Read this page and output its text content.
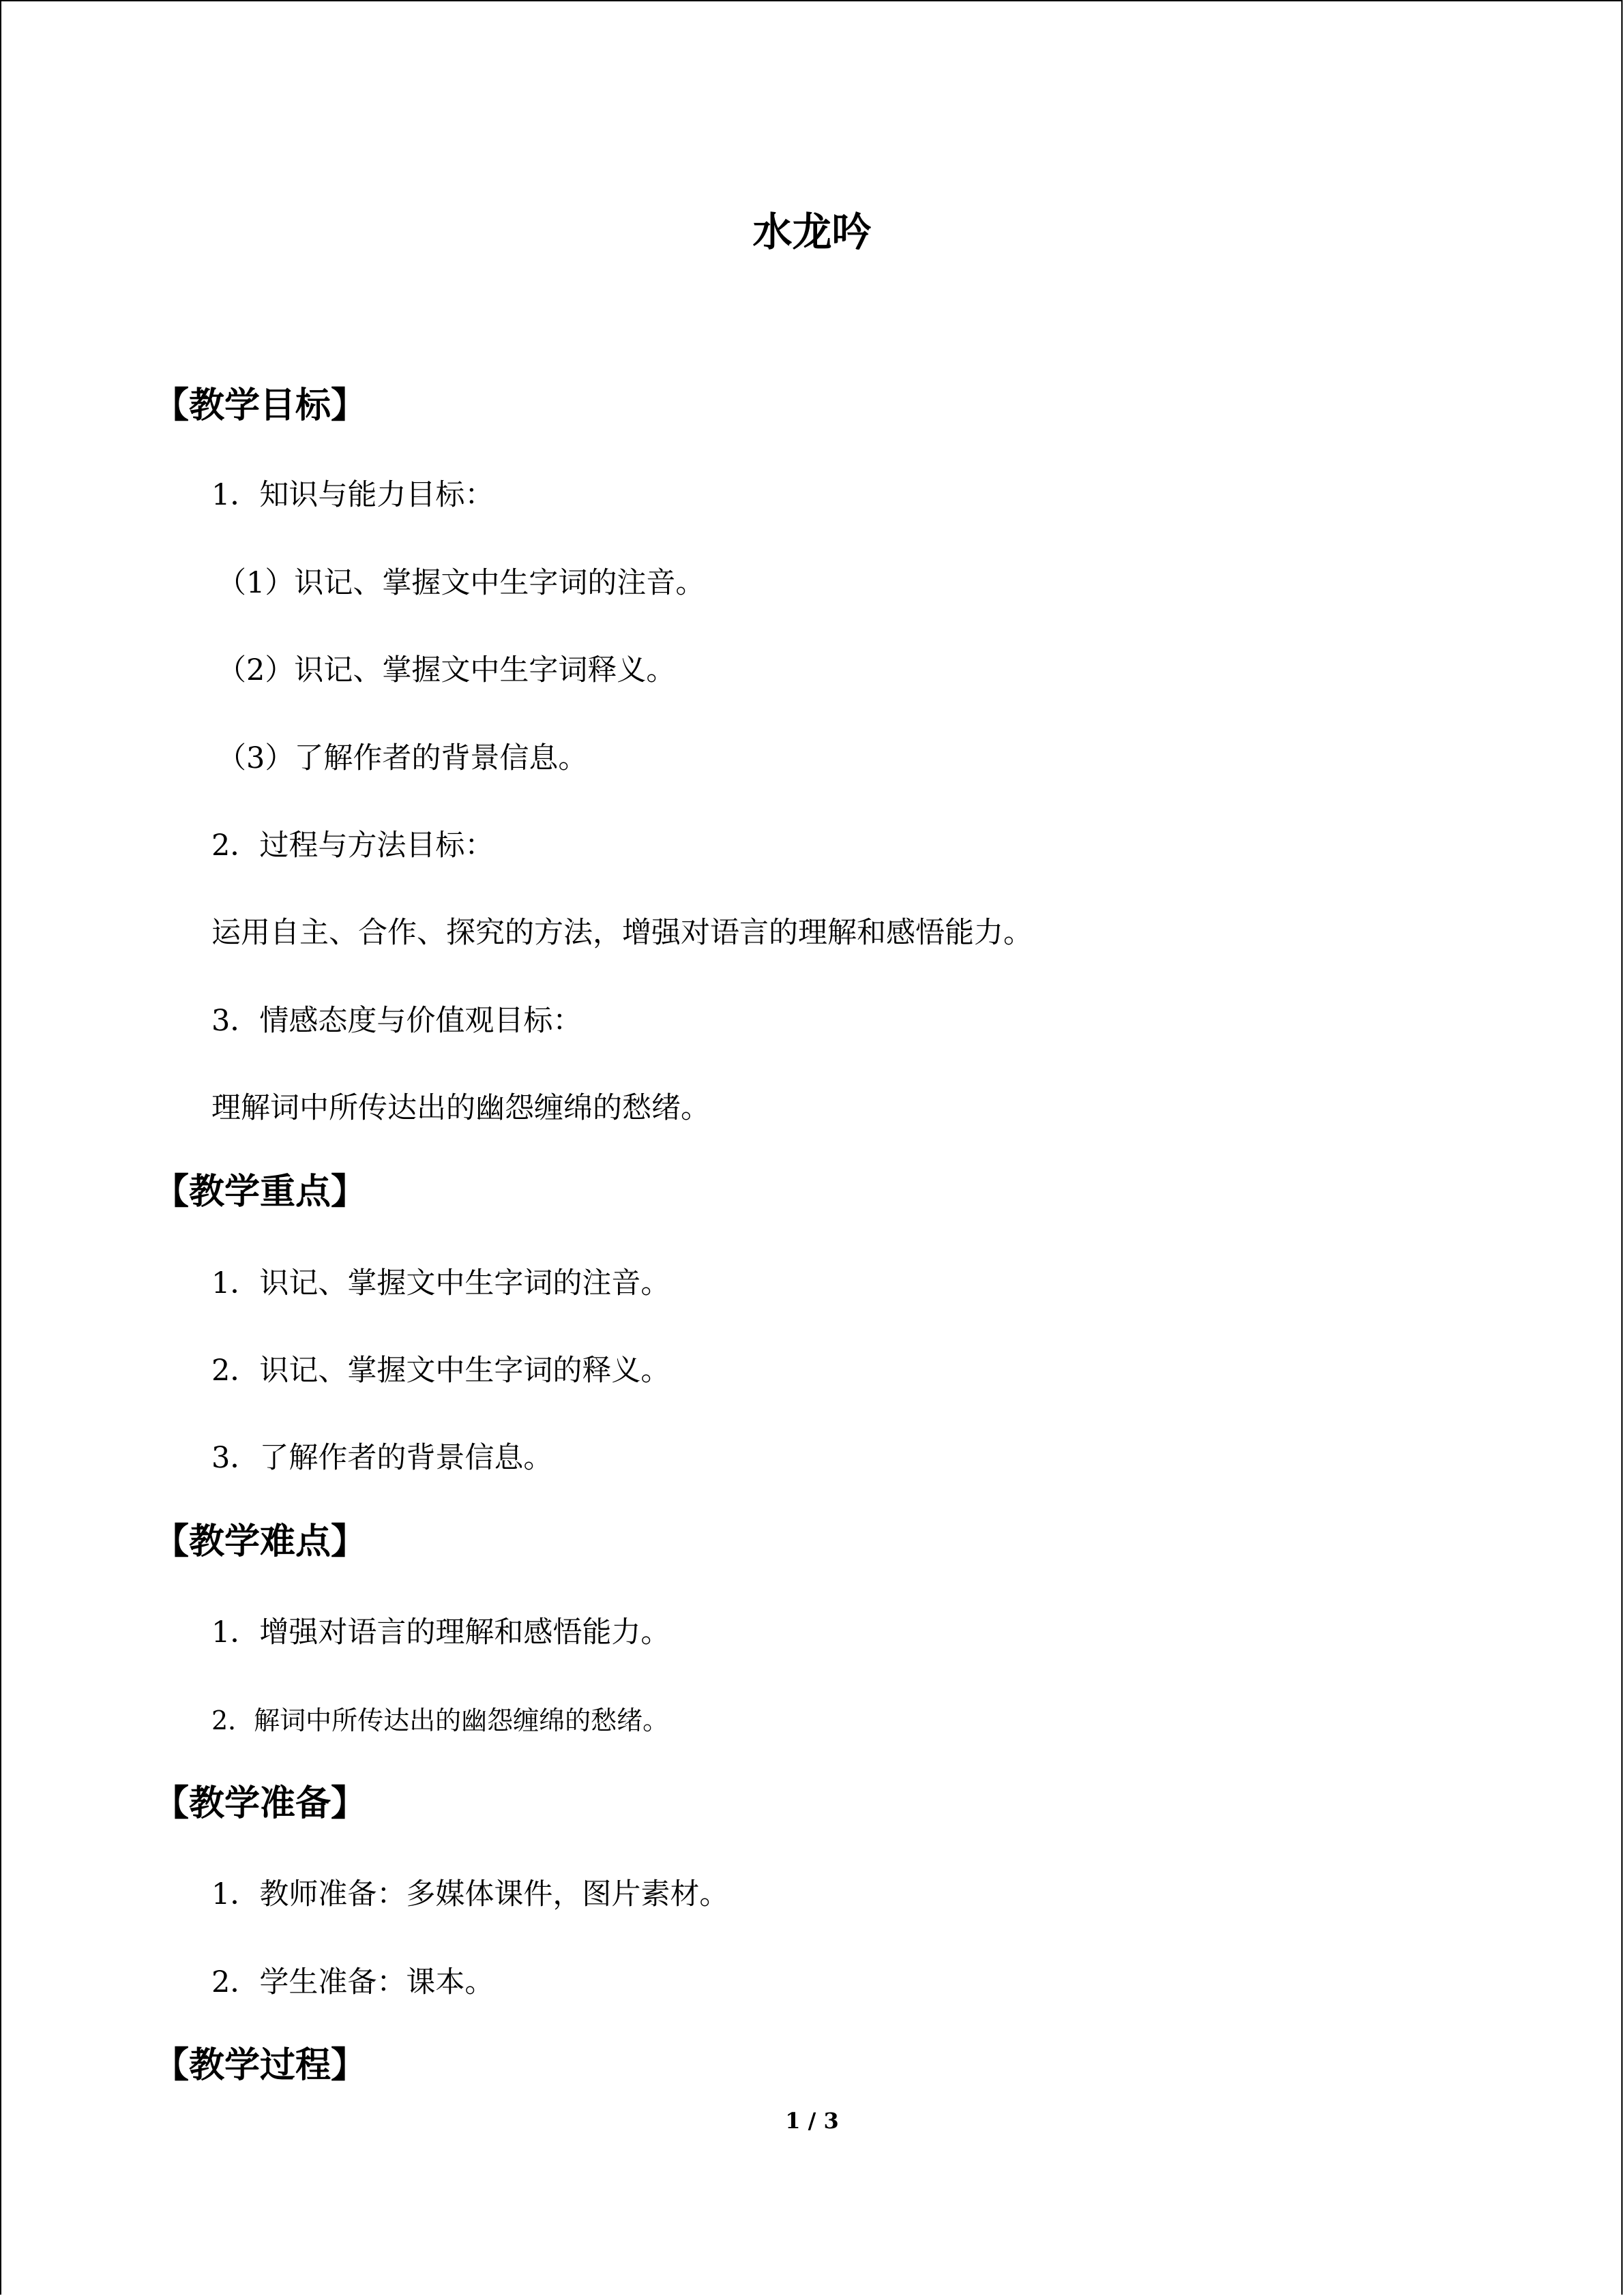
水龙吟
【教学目标】
1．知识与能力目标：
（1）识记、掌握文中生字词的注音。
（2）识记、掌握文中生字词释义。
（3）了解作者的背景信息。
2．过程与方法目标：
运用自主、合作、探究的方法，增强对语言的理解和感悟能力。
3．情感态度与价值观目标：
理解词中所传达出的幽怨缠绵的愁绪。
【教学重点】
1．识记、掌握文中生字词的注音。
2．识记、掌握文中生字词的释义。
3．了解作者的背景信息。
【教学难点】
1．增强对语言的理解和感悟能力。
2．解词中所传达出的幽怨缠绵的愁绪。
【教学准备】
1．教师准备：多媒体课件，图片素材。
2．学生准备：课本。
【教学过程】
1 / 3
